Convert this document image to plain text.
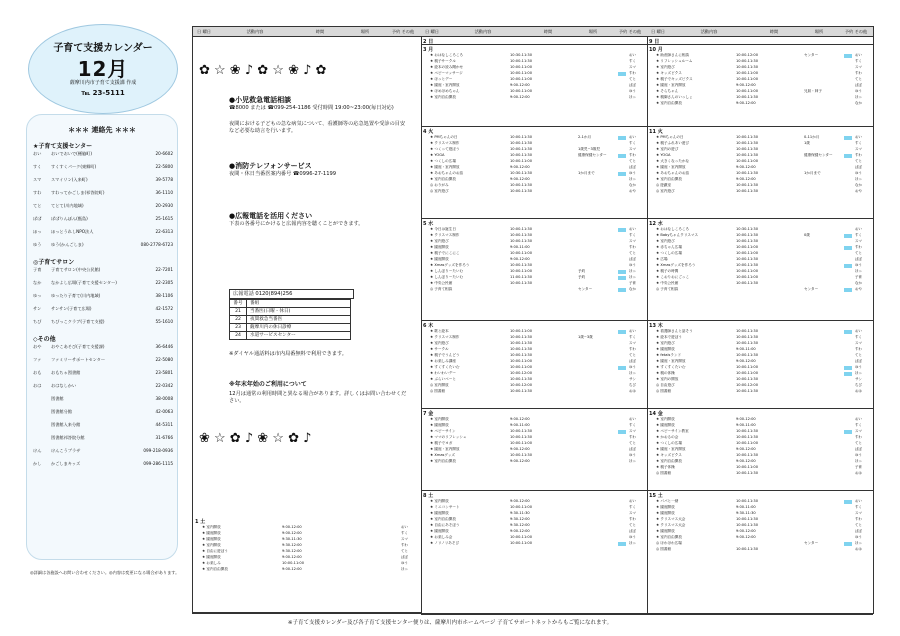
子育て支援カレンダー
12月
薩摩川内市子育て支援課 作成
℡ 23-5111
＊＊＊ 連絡先 ＊＊＊
★子育て支援センター
おい	おいでおいで(樋脇町)	20-6602
すく	すくすくパーク(東郷町)	22-5800
スマ	スマイリン(入来町)	39-5778
すわ	すわってかごしま(祁答院町)	36-1110
てと	てとて(川内地域)	20-2930
ぱぱ	ぱぱりんぼん(甑島)	25-1615
ほっ	ほっとうれしNPO法人	22-6313
ゆう	ゆう(かんごしま)	080-2778-6723
◎子育てサロン
子育	子育てサロン(中央公民館)	22-7201
なか	なかよし広場(子育て支援センター)	22-2305
ゆっ	ゆったり子育て(川内地域)	38-1106
サン	サンサン(子育て広場)	42-1572
ちび	ちびっこクラブ(子育て支援)	55-1610
◇その他
おや	おやこあそび(子育て支援課)	36-6446
ファ	ファミリーサポートセンター	22-5080
おも	おもちゃ図書館	23-5801
おは	おはなしかい	22-0342
図書館	38-0008
図書館分館	42-0063
図書館入来分館	44-5311
図書館祁答院分館	31-6766
けん	けんこうプラザ	099-218-0936
かし	かごしまキッズ	099-286-1115
◎詳細は各施設へお問い合わせください。◎内容は変更になる場合があります。
日 曜日	活動内容	時間	場所	予約 その他
✿ ☆ ❀ ♪ ✿ ☆ ❀ ♪ ✿
●小児救急電話相談
☎8000 または ☎099-254-1186 受付時間 19:00~23:00(毎日対応)
夜間における子どもの急な病気について、看護師等の応急処置や受診の目安など必要な助言を行います。
●消防テレフォンサービス
夜間・休日当番医案内番号 ☎0996-27-1199
●広報電話を活用ください
下表の各番号にかけると広報内容を聴くことができます。
広報電話 0120(894)256
番号	番組
21	当番医(日曜・休日)
22	夜間救急当番医
23	薩摩川内の休日診療
24	水道サービスセンター
※ダイヤル通話料は市内局番無料で利用できます。
※年末年始のご利用について
12月は通常の利用時間と異なる場合があります。詳しくはお問い合わせください。
❀ ☆ ✿ ♪ ❀ ☆ ✿ ♪
1 土
★ 室内開放	9:00-12:00	おい
★ 園庭開放	9:00-12:00	すく
★ 園庭開放	9:30-11:30	スマ
★ 室内開放	9:30-12:00	すわ
★ 自由に遊ぼう	9:30-12:00	てと
★ 園庭開放	9:00-12:00	ぱぱ
★ お楽しみ	10:00-11:00	ゆう
★ 室内自由開放	9:00-12:00	ほっ
日 曜日	活動内容	時間	場所	予約 その他
2 日
3 月
★ おはなしころころ	10:30-11:30	おい
★ 親子サークル	10:00-11:30	すく
★ 絵本の読み聞かせ	10:00-11:00	スマ
★ ベビーマッサージ	10:00-11:00	すわ
★ ほっとデー	10:00-11:00	てと
★ 園庭・室内開放	9:00-12:00	ぱぱ
★ ほめほめちゃん	10:00-11:00	ゆう
★ 室内自由開放	9:00-12:00	ほっ
4 火
★ PMちゃんの日	10:00-11:30	2-1か月	おい
★ クリスマス制作	10:00-11:30	すく
★ つくって遊ぼう	10:00-11:30	1歳児~3歳児	スマ
★ YOGA	10:00-11:30	健康保健センター	すわ
★ つくしの広場	10:00-11:00	てと
★ 園庭・室内開放	9:00-12:00	ぱぱ
★ あおちゃんのお話	10:30-11:30	1か月まで	ゆう
★ 室内自由開放	9:00-12:00	ほっ
◎ おりがみ	10:00-11:30	なか
◎ 室内遊び	10:00-11:30	おや
5 水
★ 今日は誕生日	10:00-11:30	おい
★ クリスマス制作	10:00-11:30	すく
★ 室内遊び	10:00-11:30	スマ
★ 園庭開放	9:00-11:00	すわ
★ 親子でにこにこ	10:00-11:00	てと
★ 園庭開放	9:00-12:00	ぱぱ
★ Xmasグッズを作ろう	10:00-11:30	ゆう
★ しんぼりーたいむ	10:00-11:00	予約	ほっ
★ しんぼりーたいむ	11:00-11:30	予約	ほっ
★ 中央公民館	10:00-11:30	子育
◎ 子育て相談	センター	なか
6 木
★ 歌と絵本	10:00-11:00	おい
★ クリスマス制作	10:00-11:30	1歳~3歳	すく
★ 室内遊び	10:00-11:30	スマ
★ サークル	10:00-11:30	すわ
★ 親子でうんどう	10:00-11:30	てと
★ お楽しみ講座	10:00-11:00	ぱぱ
★ すくすくたいむ	10:00-11:00	ゆう
★ わいわいデー	10:00-12:00	ほっ
★ ぷらいべーと	10:00-11:30	サン
◎ 室内開放	10:00-12:00	ちび
◎ 図書館	10:00-11:30	おは
7 金
★ 室内開放	9:00-12:00	おい
★ 園庭開放	9:00-11:00	すく
★ ベビーサイン	10:00-11:30	スマ
★ ママのリフレッシュ	10:00-11:30	すわ
★ 親子でヨガ	10:00-11:00	てと
★ 園庭・室内開放	9:00-12:00	ぱぱ
★ Xmasグッズ	10:00-11:30	ゆう
★ 室内自由開放	9:00-12:00	ほっ
8 土
★ 室内開放	9:00-12:00	おい
★ ミニコンサート	10:00-11:00	すく
★ 園庭開放	9:30-11:30	スマ
★ 室内自由開放	9:30-12:00	すわ
★ 自由にあそぼう	9:30-12:00	てと
★ 園庭開放	9:00-12:00	ぱぱ
★ お楽しみ会	10:00-11:00	ゆう
★ ノリノリあそび	10:00-11:00	ほっ
日 曜日	活動内容	時間	場所	予約 その他
9 日
10 月
★ 助産師さんに相談	10:00-12:00	センター	おい
★ リフレッシュルーム	10:00-11:30	すく
★ 室内遊び	10:00-11:30	スマ
★ キッズビクス	10:00-11:00	すわ
★ 親子でキッズビクス	10:00-11:00	てと
★ 園庭・室内開放	9:00-12:00	ぱぱ
★ そらちゃん	10:00-11:00	兄妹・姉子	ゆう
★ 親御さんのいっしょ	10:00-11:30	ほっ
★ 室内自由開放	9:00-12:00	なか
11 火
★ PMちゃんの日	10:00-11:30	0-11か月	おい
★ 親子ふれあい遊び	10:00-11:30	1歳	すく
★ 室内の遊び	10:00-11:30	スマ
★ YOGA	10:00-11:30	健康保健センター	すわ
★ 大きくなったかな	10:00-11:00	てと
★ 園庭・室内開放	9:00-12:00	ぱぱ
★ あおちゃんのお話	10:00-11:30	1か月まで	ゆう
★ 室内自由開放	9:00-12:00	ほっ
◎ 遊戯室	10:00-11:30	なか
◎ 室内遊び	10:00-11:30	おや
12 水
★ おはなしころころ	10:30-11:30	おい
★ Babyちゃんクリスマス	10:00-11:30	0歳	すく
★ 室内遊び	10:00-11:30	スマ
★ 赤ちゃん広場	10:00-11:00	すわ
★ つくしの広場	10:00-11:00	てと
★ 広場	10:00-11:30	ぱぱ
★ Xmasグッズを作ろう	10:00-11:30	ゆう
★ 親子の時間	10:00-11:00	ほっ
★ こおりおにごっこ	10:00-11:00	子育
★ 中央公民館	10:00-11:30	なか
◎ 子育て相談	センター	おや
13 木
★ 看護師さんと話そう	10:00-11:30	おい
★ 絵本で遊ぼう	10:00-11:30	すく
★ 室内遊び	10:00-11:30	スマ
★ 園庭開放	9:00-11:00	すわ
★ fetalsランド	10:00-11:30	てと
★ 園庭・室内開放	9:00-12:00	ぱぱ
★ すくすくたいむ	10:00-11:00	ゆう
★ 親の体操	10:00-11:00	ほっ
★ 室内の開放	10:00-11:30	サン
◎ 自由遊び	10:00-12:00	ちび
◎ 図書館	10:00-11:30	おは
14 金
★ 室内開放	9:00-12:00	おい
★ 園庭開放	9:00-11:00	すく
★ ベビーサイン教室	10:00-11:30	スマ
★ かおるの会	10:00-11:30	すわ
★ つくしの広場	10:00-11:00	てと
★ 園庭・室内開放	9:00-12:00	ぱぱ
★ キッズビクス	10:00-11:30	ゆう
★ 室内自由開放	9:00-12:00	ほっ
★ 親子体操	10:00-11:00	子育
◎ 図書館	10:00-11:30	おは
15 土
★ パパと一緒	10:00-11:30	おい
★ 園庭開放	9:00-11:00	すく
★ 園庭開放	9:30-11:30	スマ
★ クリスマス大会	10:00-11:30	すわ
★ クリスマス大会	10:00-11:30	てと
★ 園庭開放	9:00-12:00	ぱぱ
★ 室内自由開放	9:00-12:00	ゆう
◎ ほわほわ広場	センター	ほっ
◎ 図書館	10:00-11:30	おは
※子育て支援カレンダー及び各子育て支援センター便りは、薩摩川内市ホームページ 子育てサポートネットからもご覧になれます。
